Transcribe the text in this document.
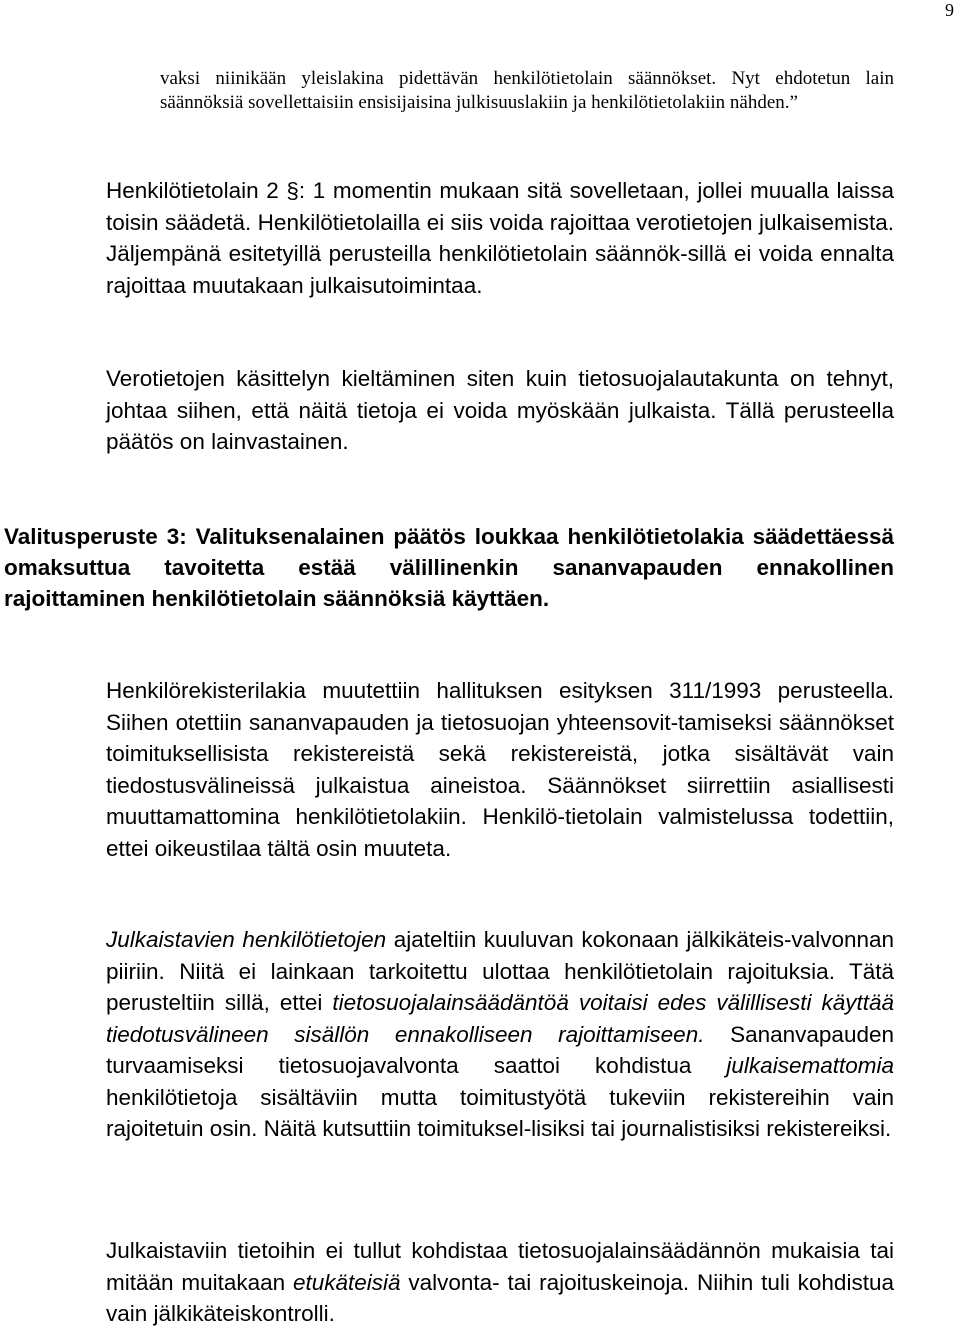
9

vaksi niinikään yleislakina pidettävän henkilötietolain säännökset. Nyt ehdotetun lain säännöksiä sovellettaisiin ensisijaisina julkisuuslakiin ja henkilötietolakiin nähden.”

Henkilötietolain 2 §: 1 momentin mukaan sitä sovelletaan, jollei muualla laissa toisin säädetä. Henkilötietolailla ei siis voida rajoittaa verotietojen julkaisemista. Jäljempänä esitetyillä perusteilla henkilötietolain säännök-sillä ei voida ennalta rajoittaa muutakaan julkaisutoimintaa.

Verotietojen käsittelyn kieltäminen siten kuin tietosuojalautakunta on tehnyt, johtaa siihen, että näitä tietoja ei voida myöskään julkaista. Tällä perusteella päätös on lainvastainen.

Valitusperuste 3: Valituksenalainen päätös loukkaa henkilötietolakia säädettäessä omaksuttua tavoitetta estää välillinenkin sananvapauden ennakollinen rajoittaminen henkilötietolain säännöksiä käyttäen.

Henkilörekisterilakia muutettiin hallituksen esityksen 311/1993 perusteella. Siihen otettiin sananvapauden ja tietosuojan yhteensovit-tamiseksi säännökset toimituksellisista rekistereistä sekä rekistereistä, jotka sisältävät vain tiedostusvälineissä julkaistua aineistoa. Säännökset siirrettiin asiallisesti muuttamattomina henkilötietolakiin. Henkilö-tietolain valmistelussa todettiin, ettei oikeustilaa tältä osin muuteta.

Julkaistavien henkilötietojen ajateltiin kuuluvan kokonaan jälkikäteis-valvonnan piiriin. Niitä ei lainkaan tarkoitettu ulottaa henkilötietolain rajoituksia. Tätä perusteltiin sillä, ettei tietosuojalainsäädäntöä voitaisi edes välillisesti käyttää tiedotusvälineen sisällön ennakolliseen rajoittamiseen. Sananvapauden turvaamiseksi tietosuojavalvonta saattoi kohdistua julkaisemattomia henkilötietoja sisältäviin mutta toimitustyötä tukeviin rekistereihin vain rajoitetuin osin. Näitä kutsuttiin toimituksel-lisiksi tai journalistisiksi rekistereiksi.

Julkaistaviin tietoihin ei tullut kohdistaa tietosuojalainsäädännön mukaisia tai mitään muitakaan etukäteisiä valvonta- tai rajoituskeinoja. Niihin tuli kohdistua vain jälkikäteiskontrolli.
